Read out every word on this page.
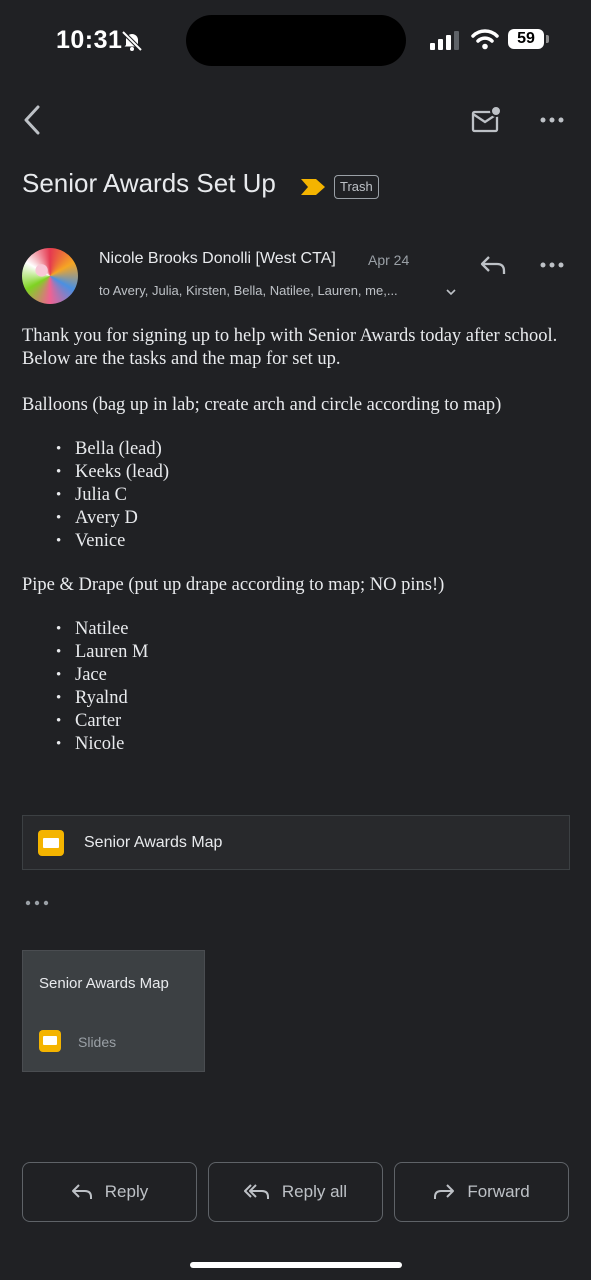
10:31	59
Senior Awards Set Up	Trash
Nicole Brooks Donolli [West CTA] Apr 24
to Avery, Julia, Kirsten, Bella, Natilee, Lauren, me,...

Thank you for signing up to help with Senior Awards today after school. Below are the tasks and the map for set up.

Balloons (bag up in lab; create arch and circle according to map)

• Bella (lead)
• Keeks (lead)
• Julia C
• Avery D
• Venice

Pipe & Drape (put up drape according to map; NO pins!)

• Natilee
• Lauren M
• Jace
• Ryalnd
• Carter
• Nicole
Senior Awards Map
Senior Awards Map
Slides
Reply	Reply all	Forward
